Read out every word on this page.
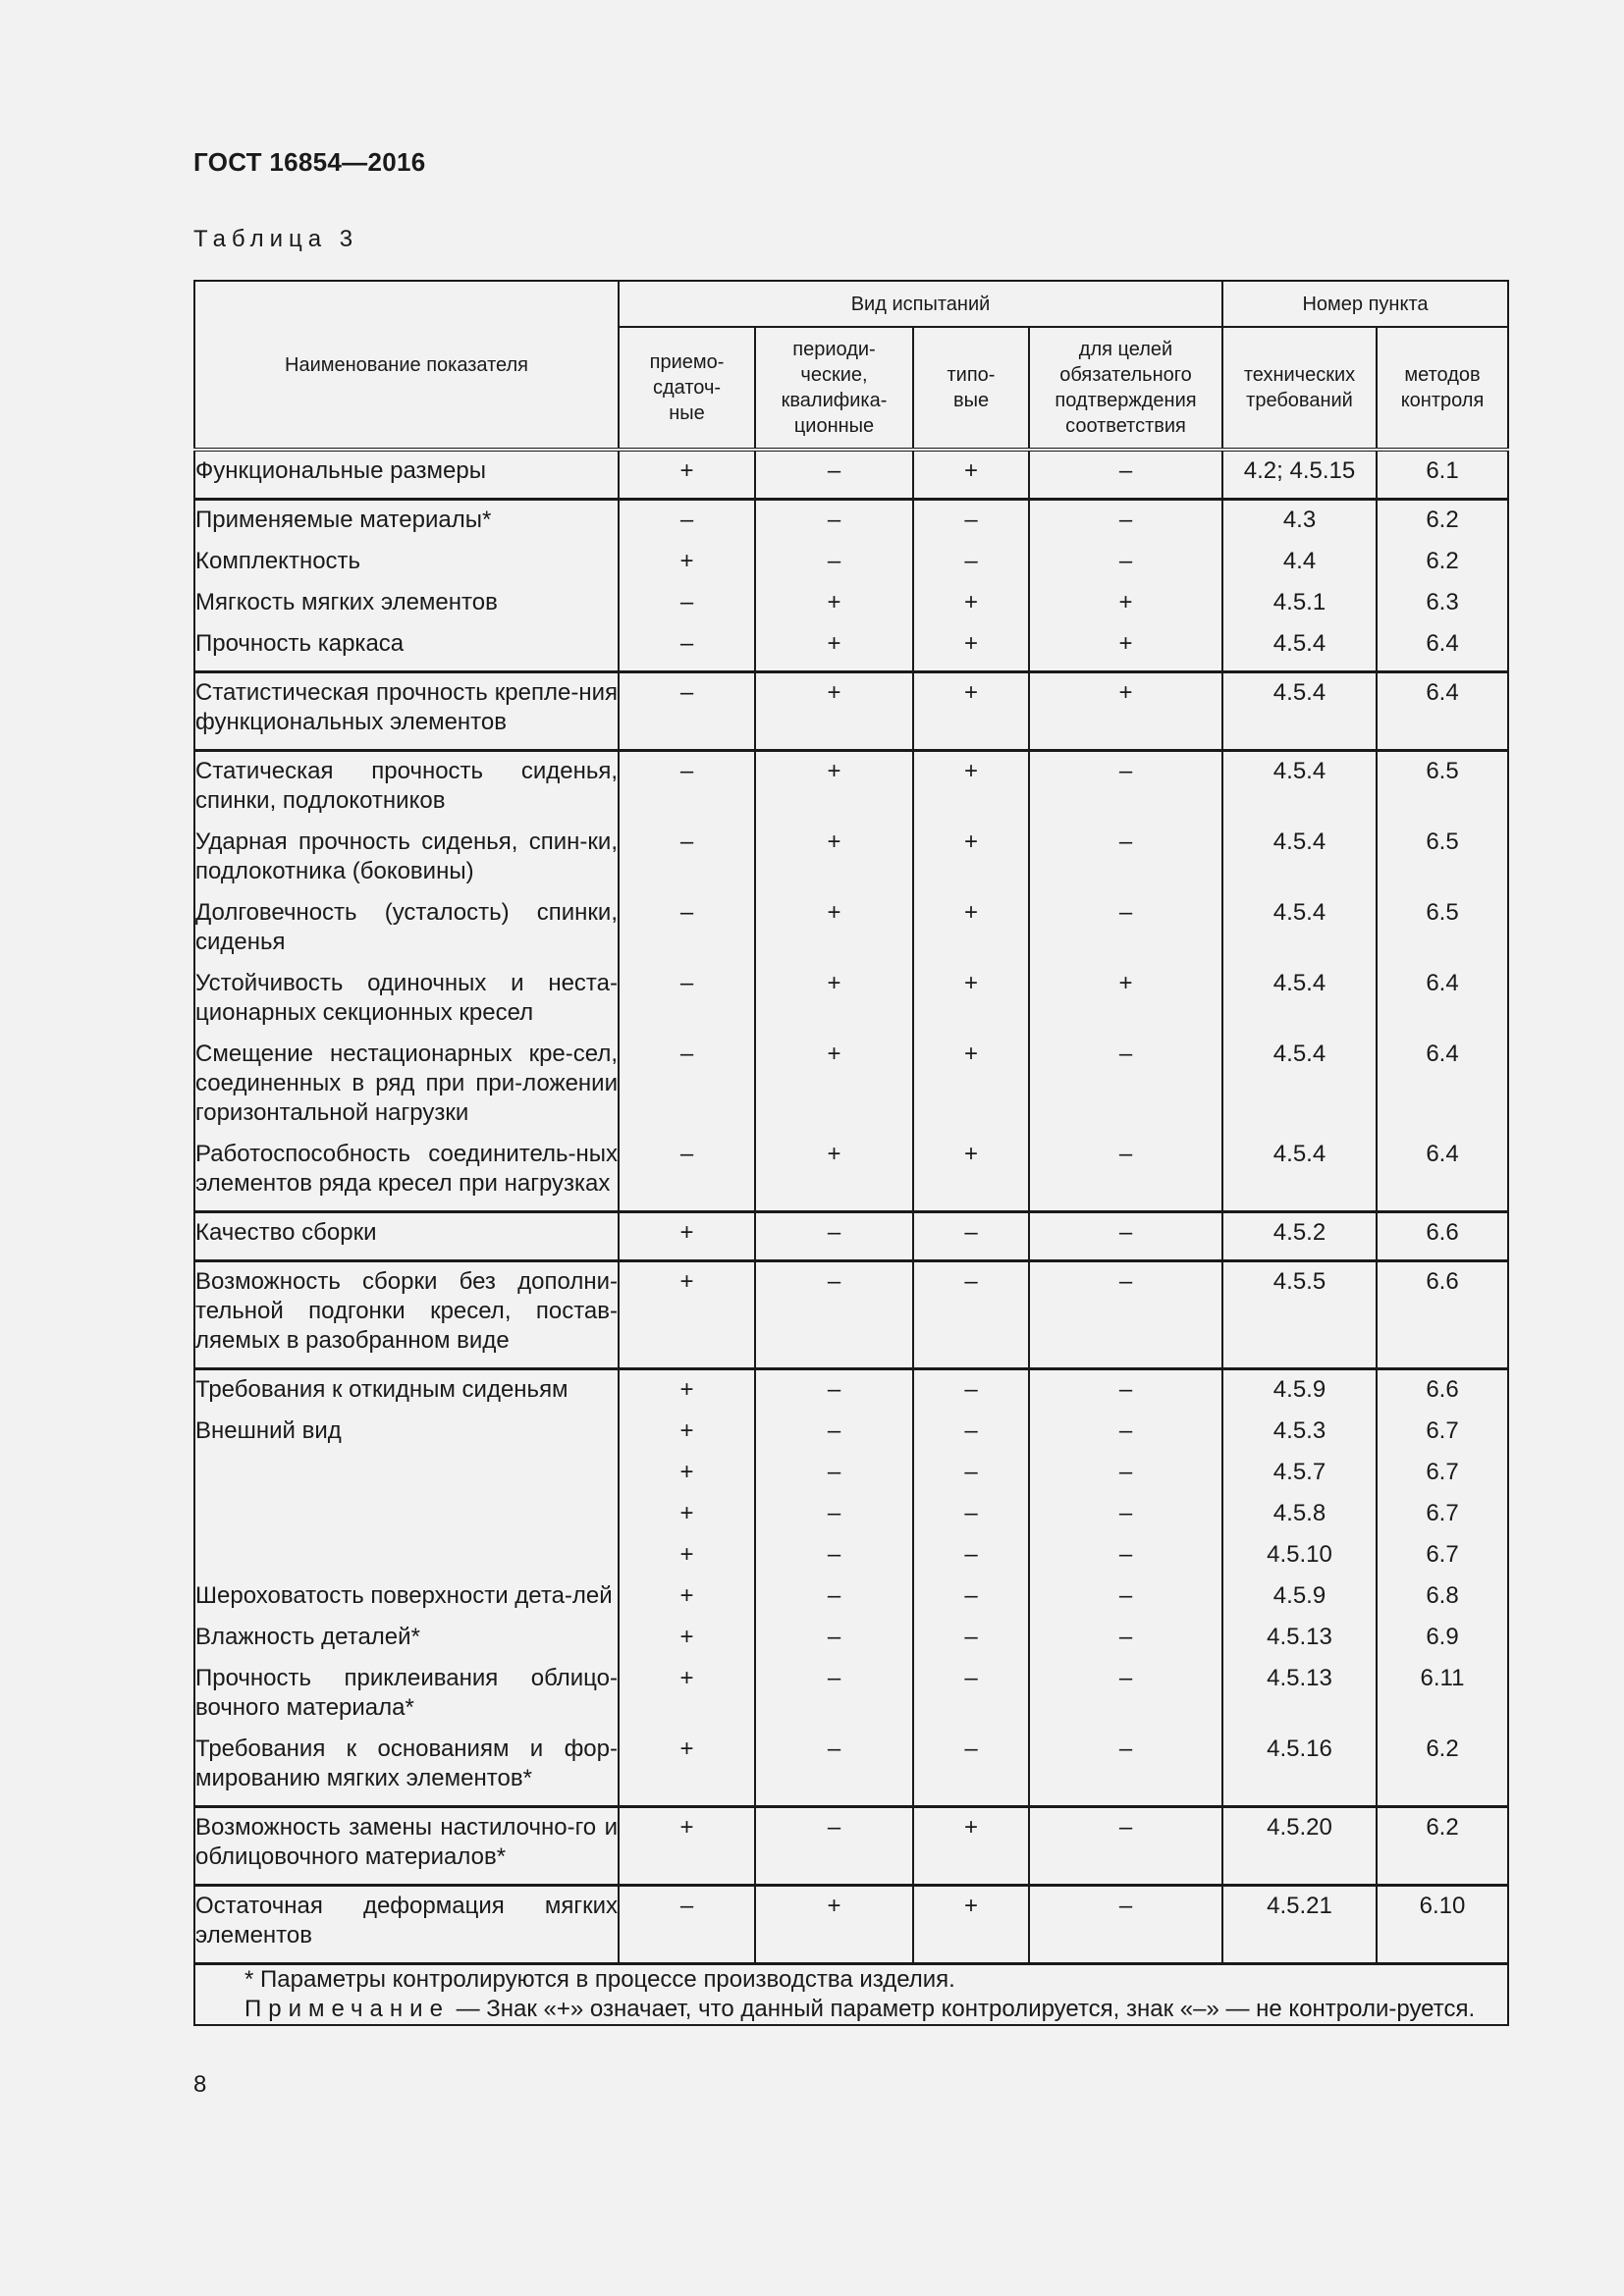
ГОСТ 16854—2016
Таблица 3
Наименование показателя	Вид испытаний				Номер пункта	
	приемо-сдаточ-ные	периоди-ческие, квалифика-ционные	типо-вые	для целей обязательного подтверждения соответствия	технических требований	методов контроля
Функциональные размеры	+	–	+	–	4.2; 4.5.15	6.1
Применяемые материалы*	–	–	–	–	4.3	6.2
Комплектность	+	–	–	–	4.4	6.2
Мягкость мягких элементов	–	+	+	+	4.5.1	6.3
Прочность каркаса	–	+	+	+	4.5.4	6.4
Статистическая прочность крепле-ния функциональных элементов	–	+	+	+	4.5.4	6.4
Статическая прочность сиденья, спинки, подлокотников	–	+	+	–	4.5.4	6.5
Ударная прочность сиденья, спин-ки, подлокотника (боковины)	–	+	+	–	4.5.4	6.5
Долговечность (усталость) спинки, сиденья	–	+	+	–	4.5.4	6.5
Устойчивость одиночных и неста-ционарных секционных кресел	–	+	+	+	4.5.4	6.4
Смещение нестационарных кре-сел, соединенных в ряд при при-ложении горизонтальной нагрузки	–	+	+	–	4.5.4	6.4
Работоспособность соединитель-ных элементов ряда кресел при нагрузках	–	+	+	–	4.5.4	6.4
Качество сборки	+	–	–	–	4.5.2	6.6
Возможность сборки без дополни-тельной подгонки кресел, постав-ляемых в разобранном виде	+	–	–	–	4.5.5	6.6
Требования к откидным сиденьям	+	–	–	–	4.5.9	6.6
Внешний вид	+	–	–	–	4.5.3	6.7
	+	–	–	–	4.5.7	6.7
	+	–	–	–	4.5.8	6.7
	+	–	–	–	4.5.10	6.7
Шероховатость поверхности дета-лей	+	–	–	–	4.5.9	6.8
Влажность деталей*	+	–	–	–	4.5.13	6.9
Прочность приклеивания облицо-вочного материала*	+	–	–	–	4.5.13	6.11
Требования к основаниям и фор-мированию мягких элементов*	+	–	–	–	4.5.16	6.2
Возможность замены настилочно-го и облицовочного материалов*	+	–	+	–	4.5.20	6.2
Остаточная деформация мягких элементов	–	+	+	–	4.5.21	6.10

* Параметры контролируются в процессе производства изделия.
Примечание — Знак «+» означает, что данный параметр контролируется, знак «–» — не контроли-руется.						
8
